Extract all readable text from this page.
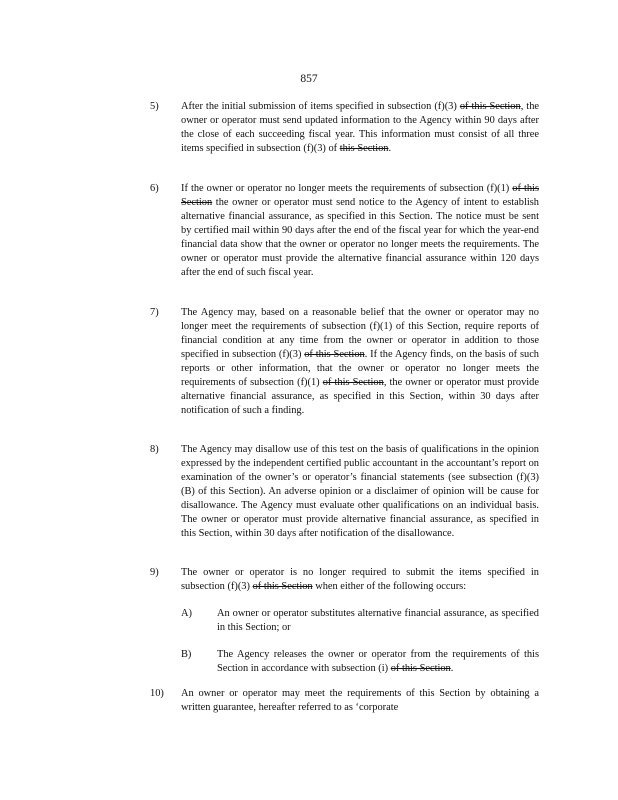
857
5) After the initial submission of items specified in subsection (f)(3) of this Section, the owner or operator must send updated information to the Agency within 90 days after the close of each succeeding fiscal year. This information must consist of all three items specified in subsection (f)(3) of this Section.
6) If the owner or operator no longer meets the requirements of subsection (f)(1) of this Section the owner or operator must send notice to the Agency of intent to establish alternative financial assurance, as specified in this Section. The notice must be sent by certified mail within 90 days after the end of the fiscal year for which the year-end financial data show that the owner or operator no longer meets the requirements. The owner or operator must provide the alternative financial assurance within 120 days after the end of such fiscal year.
7) The Agency may, based on a reasonable belief that the owner or operator may no longer meet the requirements of subsection (f)(1) of this Section, require reports of financial condition at any time from the owner or operator in addition to those specified in subsection (f)(3) of this Section. If the Agency finds, on the basis of such reports or other information, that the owner or operator no longer meets the requirements of subsection (f)(1) of this Section, the owner or operator must provide alternative financial assurance, as specified in this Section, within 30 days after notification of such a finding.
8) The Agency may disallow use of this test on the basis of qualifications in the opinion expressed by the independent certified public accountant in the accountant’s report on examination of the owner’s or operator’s financial statements (see subsection (f)(3)(B) of this Section). An adverse opinion or a disclaimer of opinion will be cause for disallowance. The Agency must evaluate other qualifications on an individual basis. The owner or operator must provide alternative financial assurance, as specified in this Section, within 30 days after notification of the disallowance.
9) The owner or operator is no longer required to submit the items specified in subsection (f)(3) of this Section when either of the following occurs:
A) An owner or operator substitutes alternative financial assurance, as specified in this Section; or
B) The Agency releases the owner or operator from the requirements of this Section in accordance with subsection (i) of this Section.
10) An owner or operator may meet the requirements of this Section by obtaining a written guarantee, hereafter referred to as ‘corporate
